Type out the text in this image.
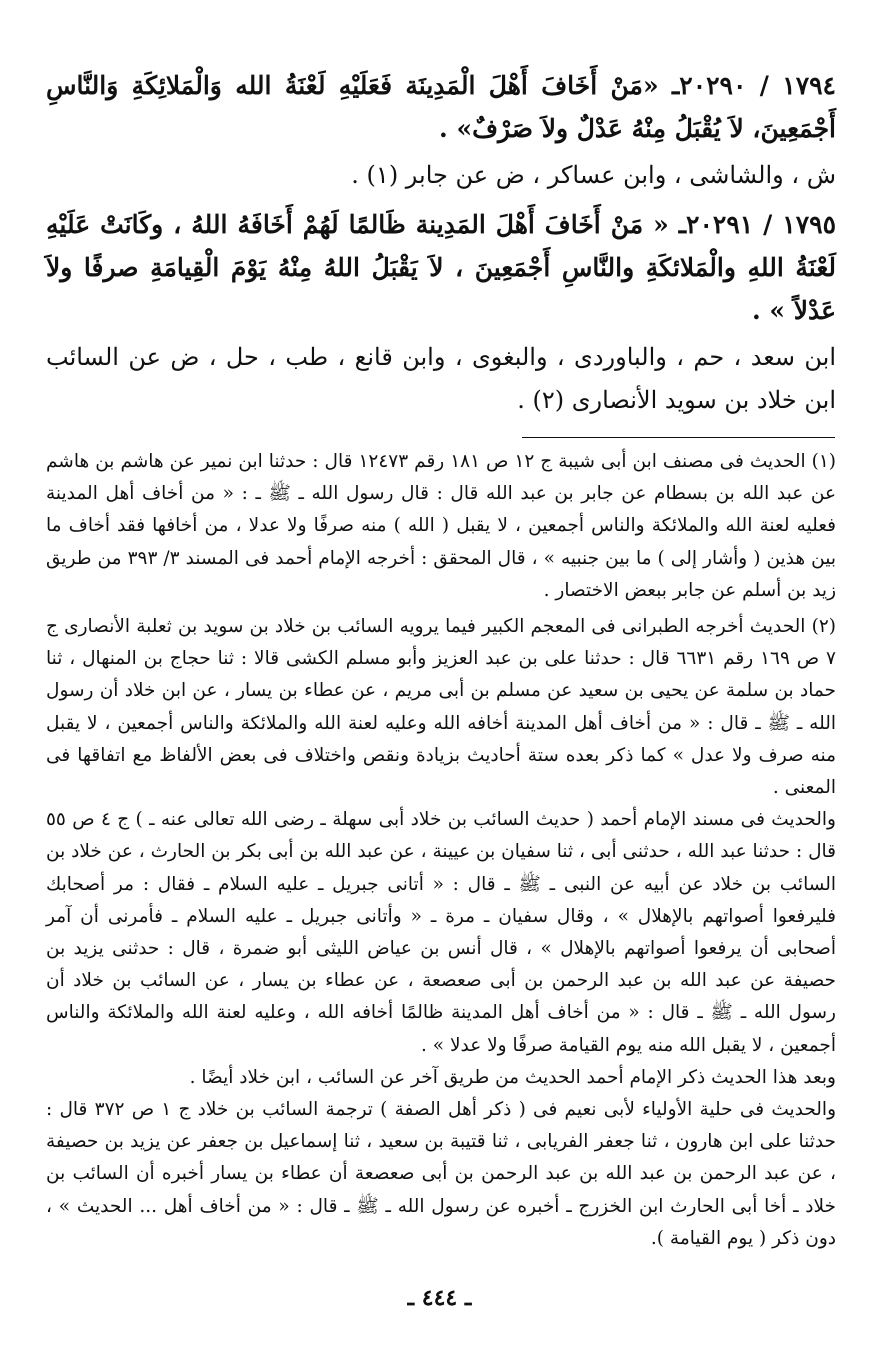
١٧٩٤ / ٢٠٢٩٠ـ «مَنْ أَخَافَ أَهْلَ الْمَدِينَة فَعَلَيْهِ لَعْنَةُ الله وَالْمَلائِكَةِ وَالنَّاسِ أَجْمَعِينَ، لاَ يُقْبَلُ مِنْهُ عَدْلٌ ولاَ صَرْفٌ» .

ش ، والشاشى ، وابن عساكر ، ض عن جابر (١) .

١٧٩٥ / ٢٠٢٩١ـ « مَنْ أَخَافَ أَهْلَ المَدِينة ظَالمًا لَهُمْ أَخَافَهُ اللهُ ، وكَانَتْ عَلَيْهِ لَعْنَةُ اللهِ والْمَلائكَةِ والنَّاسِ أَجْمَعِينَ ، لاَ يَقْبَلُ اللهُ مِنْهُ يَوْمَ الْقِيامَةِ صرفًا ولاَ عَدْلاً » .

ابن سعد ، حم ، والباوردى ، والبغوى ، وابن قانع ، طب ، حل ، ض عن السائب ابن خلاد بن سويد الأنصارى (٢) .

(١) الحديث فى مصنف ابن أبى شيبة ج ١٢ ص ١٨١ رقم ١٢٤٧٣ قال : حدثنا ابن نمير عن هاشم بن هاشم عن عبد الله بن بسطام عن جابر بن عبد الله قال : قال رسول الله ـ ﷺ ـ : « من أخاف أهل المدينة فعليه لعنة الله والملائكة والناس أجمعين ، لا يقبل ( الله ) منه صرفًا ولا عدلا ، من أخافها فقد أخاف ما بين هذين ( وأشار إلى ) ما بين جنبيه » ، قال المحقق : أخرجه الإمام أحمد فى المسند ٣/ ٣٩٣ من طريق زيد بن أسلم عن جابر ببعض الاختصار .

(٢) الحديث أخرجه الطبرانى فى المعجم الكبير فيما يرويه السائب بن خلاد بن سويد بن ثعلبة الأنصارى ج ٧ ص ١٦٩ رقم ٦٦٣١ قال : حدثنا على بن عبد العزيز وأبو مسلم الكشى قالا : ثنا حجاج بن المنهال ، ثنا حماد بن سلمة عن يحيى بن سعيد عن مسلم بن أبى مريم ، عن عطاء بن يسار ، عن ابن خلاد أن رسول الله ـ ﷺ ـ قال : « من أخاف أهل المدينة أخافه الله وعليه لعنة الله والملائكة والناس أجمعين ، لا يقبل منه صرف ولا عدل » كما ذكر بعده ستة أحاديث بزيادة ونقص واختلاف فى بعض الألفاظ مع اتفاقها فى المعنى .

والحديث فى مسند الإمام أحمد ( حديث السائب بن خلاد أبى سهلة ـ رضى الله تعالى عنه ـ ) ج ٤ ص ٥٥ قال : حدثنا عبد الله ، حدثنى أبى ، ثنا سفيان بن عيينة ، عن عبد الله بن أبى بكر بن الحارث ، عن خلاد بن السائب بن خلاد عن أبيه عن النبى ـ ﷺ ـ قال : « أتانى جبريل ـ عليه السلام ـ فقال : مر أصحابك فليرفعوا أصواتهم بالإهلال » ، وقال سفيان ـ مرة ـ « وأتانى جبريل ـ عليه السلام ـ فأمرنى أن آمر أصحابى أن يرفعوا أصواتهم بالإهلال » ، قال أنس بن عياض الليثى أبو ضمرة ، قال : حدثنى يزيد بن حصيفة عن عبد الله بن عبد الرحمن بن أبى صعصعة ، عن عطاء بن يسار ، عن السائب بن خلاد أن رسول الله ـ ﷺ ـ قال : « من أخاف أهل المدينة ظالمًا أخافه الله ، وعليه لعنة الله والملائكة والناس أجمعين ، لا يقبل الله منه يوم القيامة صرفًا ولا عدلا » .

وبعد هذا الحديث ذكر الإمام أحمد الحديث من طريق آخر عن السائب ، ابن خلاد أيضًا .

والحديث فى حلية الأولياء لأبى نعيم فى ( ذكر أهل الصفة ) ترجمة السائب بن خلاد ج ١ ص ٣٧٢ قال : حدثنا على ابن هارون ، ثنا جعفر الفريابى ، ثنا قتيبة بن سعيد ، ثنا إسماعيل بن جعفر عن يزيد بن حصيفة ، عن عبد الرحمن بن عبد الله بن عبد الرحمن بن أبى صعصعة أن عطاء بن يسار أخبره أن السائب بن خلاد ـ أخا أبى الحارث ابن الخزرج ـ أخبره عن رسول الله ـ ﷺ ـ قال : « من أخاف أهل ... الحديث » ، دون ذكر ( يوم القيامة ).

ـ ٤٤٤ ـ
